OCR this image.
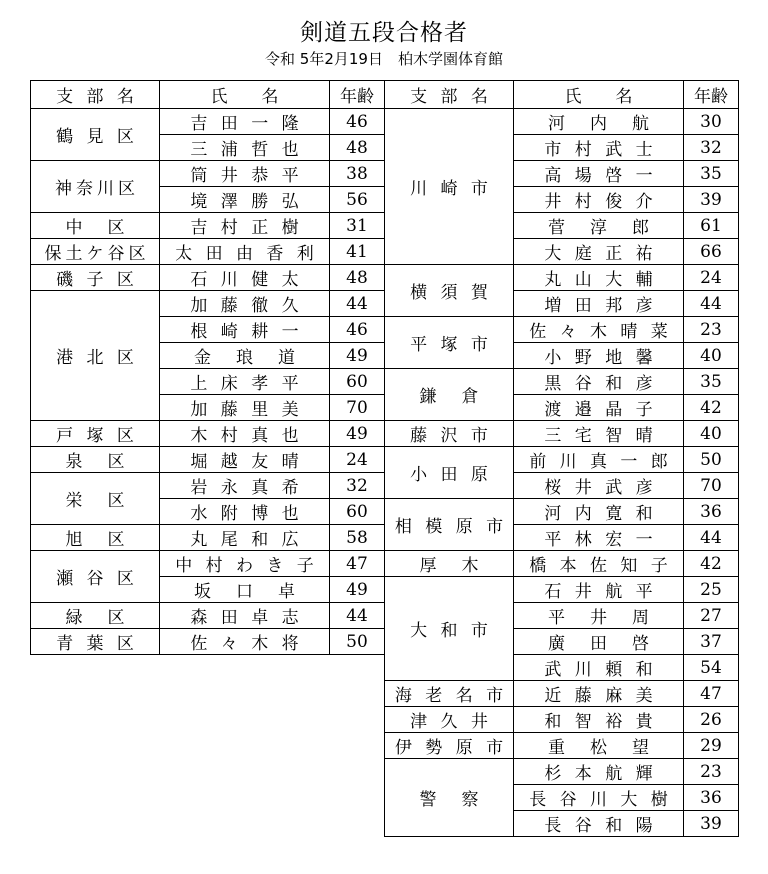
剣道五段合格者
令和 5年2月19日　柏木学園体育館
支 部 名	氏　　名	年齢
鶴 見 区	吉 田 一 隆	46
	三 浦 哲 也	48
神奈川区	筒 井 恭 平	38
	境 澤 勝 弘	56
中　区	吉 村 正 樹	31
保土ケ谷区	太 田 由 香 利	41
磯 子 区	石 川 健 太	48
港 北 区	加 藤 徹 久	44
	根 崎 耕 一	46
	金　琅　道	49
	上 床 孝 平	60
	加 藤 里 美	70
戸 塚 区	木 村 真 也	49
泉　区	堀 越 友 晴	24
栄　区	岩 永 真 希	32
	水 附 博 也	60
旭　区	丸 尾 和 広	58
瀬 谷 区	中 村 わ き 子	47
	坂　口　卓	49
緑　区	森 田 卓 志	44
青 葉 区	佐 々 木 将	50
支 部 名	氏　　名	年齢
川 崎 市	河　内　航	30
	市 村 武 士	32
	高 場 啓 一	35
	井 村 俊 介	39
	菅　淳　郎	61
	大 庭 正 祐	66
横 須 賀	丸 山 大 輔	24
	増 田 邦 彦	44
平 塚 市	佐 々 木 晴 菜	23
	小 野 地 馨	40
鎌　倉	黒 谷 和 彦	35
	渡 邉 晶 子	42
藤 沢 市	三 宅 智 晴	40
小 田 原	前 川 真 一 郎	50
	桜 井 武 彦	70
相 模 原 市	河 内 寛 和	36
	平 林 宏 一	44
厚　木	橋 本 佐 知 子	42
大 和 市	石 井 航 平	25
	平　井　周	27
	廣　田　啓	37
	武 川 頼 和	54
海 老 名 市	近 藤 麻 美	47
津 久 井	和 智 裕 貴	26
伊 勢 原 市	重　松　望	29
警　察	杉 本 航 輝	23
	長 谷 川 大 樹	36
	長 谷 和 陽	39
